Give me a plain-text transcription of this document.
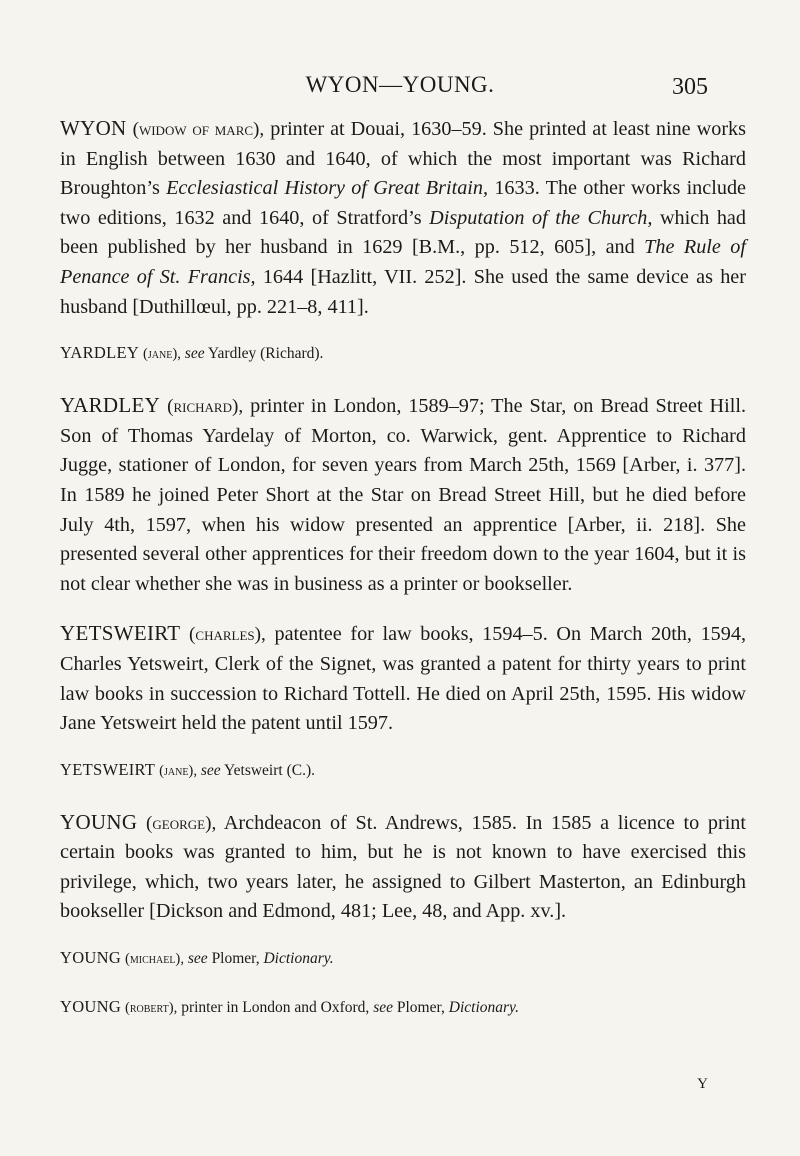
WYON—YOUNG.	305

WYON (widow of marc), printer at Douai, 1630–59. She printed at least nine works in English between 1630 and 1640, of which the most important was Richard Broughton’s Ecclesiastical History of Great Britain, 1633. The other works include two editions, 1632 and 1640, of Stratford’s Disputation of the Church, which had been published by her husband in 1629 [B.M., pp. 512, 605], and The Rule of Penance of St. Francis, 1644 [Hazlitt, VII. 252]. She used the same device as her husband [Duthillœul, pp. 221–8, 411].

YARDLEY (jane), see Yardley (Richard).

YARDLEY (richard), printer in London, 1589–97; The Star, on Bread Street Hill. Son of Thomas Yardelay of Morton, co. Warwick, gent. Apprentice to Richard Jugge, stationer of London, for seven years from March 25th, 1569 [Arber, i. 377]. In 1589 he joined Peter Short at the Star on Bread Street Hill, but he died before July 4th, 1597, when his widow presented an apprentice [Arber, ii. 218]. She presented several other apprentices for their freedom down to the year 1604, but it is not clear whether she was in business as a printer or bookseller.

YETSWEIRT (charles), patentee for law books, 1594–5. On March 20th, 1594, Charles Yetsweirt, Clerk of the Signet, was granted a patent for thirty years to print law books in succession to Richard Tottell. He died on April 25th, 1595. His widow Jane Yetsweirt held the patent until 1597.

YETSWEIRT (jane), see Yetsweirt (C.).

YOUNG (george), Archdeacon of St. Andrews, 1585. In 1585 a licence to print certain books was granted to him, but he is not known to have exercised this privilege, which, two years later, he assigned to Gilbert Masterton, an Edinburgh bookseller [Dickson and Edmond, 481; Lee, 48, and App. xv.].

YOUNG (michael), see Plomer, Dictionary.

YOUNG (robert), printer in London and Oxford, see Plomer, Dictionary.

Y
